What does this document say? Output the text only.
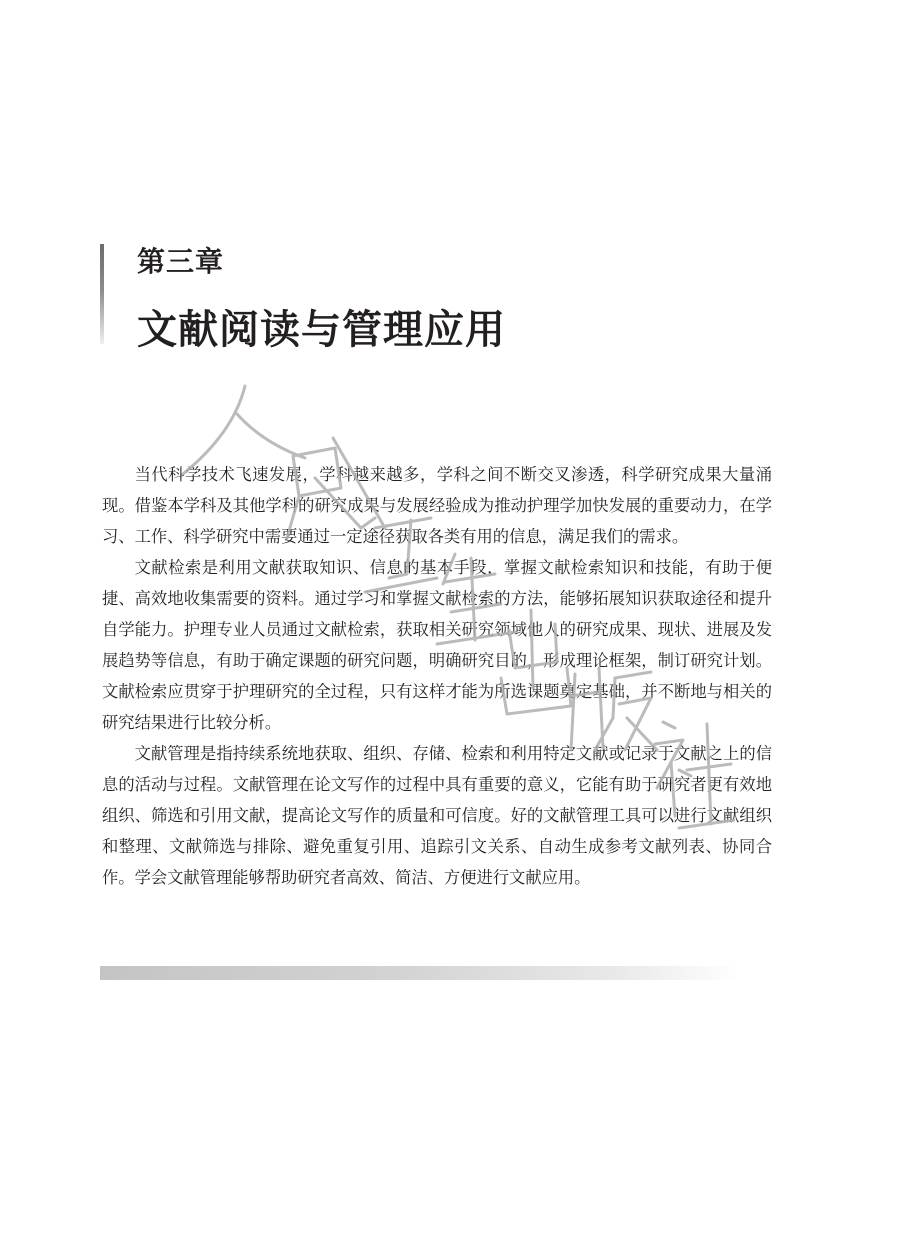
第三章
文献阅读与管理应用

当代科学技术飞速发展，学科越来越多，学科之间不断交叉渗透，科学研究成果大量涌现。借鉴本学科及其他学科的研究成果与发展经验成为推动护理学加快发展的重要动力，在学习、工作、科学研究中需要通过一定途径获取各类有用的信息，满足我们的需求。

文献检索是利用文献获取知识、信息的基本手段，掌握文献检索知识和技能，有助于便捷、高效地收集需要的资料。通过学习和掌握文献检索的方法，能够拓展知识获取途径和提升自学能力。护理专业人员通过文献检索，获取相关研究领域他人的研究成果、现状、进展及发展趋势等信息，有助于确定课题的研究问题，明确研究目的，形成理论框架，制订研究计划。文献检索应贯穿于护理研究的全过程，只有这样才能为所选课题奠定基础，并不断地与相关的研究结果进行比较分析。

文献管理是指持续系统地获取、组织、存储、检索和利用特定文献或记录于文献之上的信息的活动与过程。文献管理在论文写作的过程中具有重要的意义，它能有助于研究者更有效地组织、筛选和引用文献，提高论文写作的质量和可信度。好的文献管理工具可以进行文献组织和整理、文献筛选与排除、避免重复引用、追踪引文关系、自动生成参考文献列表、协同合作。学会文献管理能够帮助研究者高效、简洁、方便进行文献应用。
